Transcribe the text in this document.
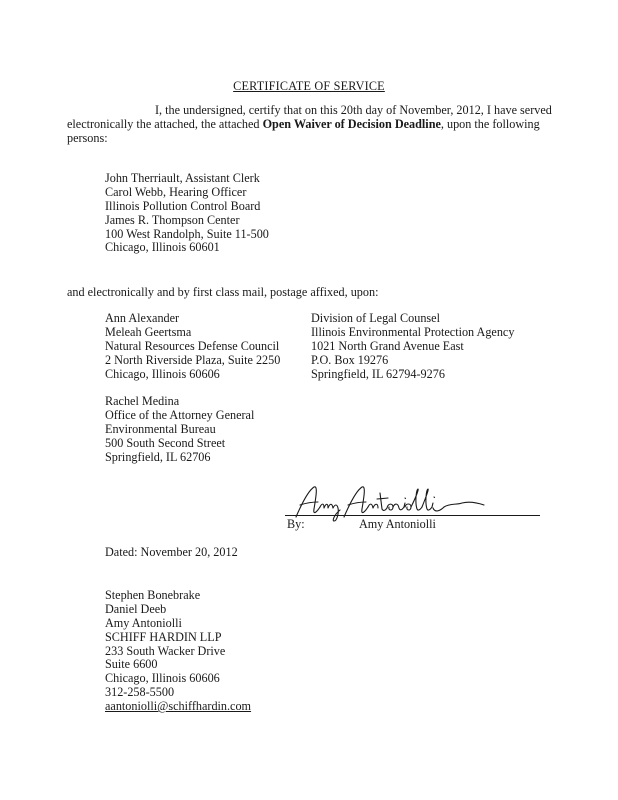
CERTIFICATE OF SERVICE
I, the undersigned, certify that on this 20th day of November, 2012, I have served
electronically the attached, the attached Open Waiver of Decision Deadline, upon the following
persons:
John Therriault, Assistant Clerk
Carol Webb, Hearing Officer
Illinois Pollution Control Board
James R. Thompson Center
100 West Randolph, Suite 11-500
Chicago, Illinois 60601
and electronically and by first class mail, postage affixed, upon:
Ann Alexander
Meleah Geertsma
Natural Resources Defense Council
2 North Riverside Plaza, Suite 2250
Chicago, Illinois 60606
Division of Legal Counsel
Illinois Environmental Protection Agency
1021 North Grand Avenue East
P.O. Box 19276
Springfield, IL 62794-9276
Rachel Medina
Office of the Attorney General
Environmental Bureau
500 South Second Street
Springfield, IL 62706
By:	Amy Antoniolli
Dated: November 20, 2012
Stephen Bonebrake
Daniel Deeb
Amy Antoniolli
SCHIFF HARDIN LLP
233 South Wacker Drive
Suite 6600
Chicago, Illinois 60606
312-258-5500
aantoniolli@schiffhardin.com
